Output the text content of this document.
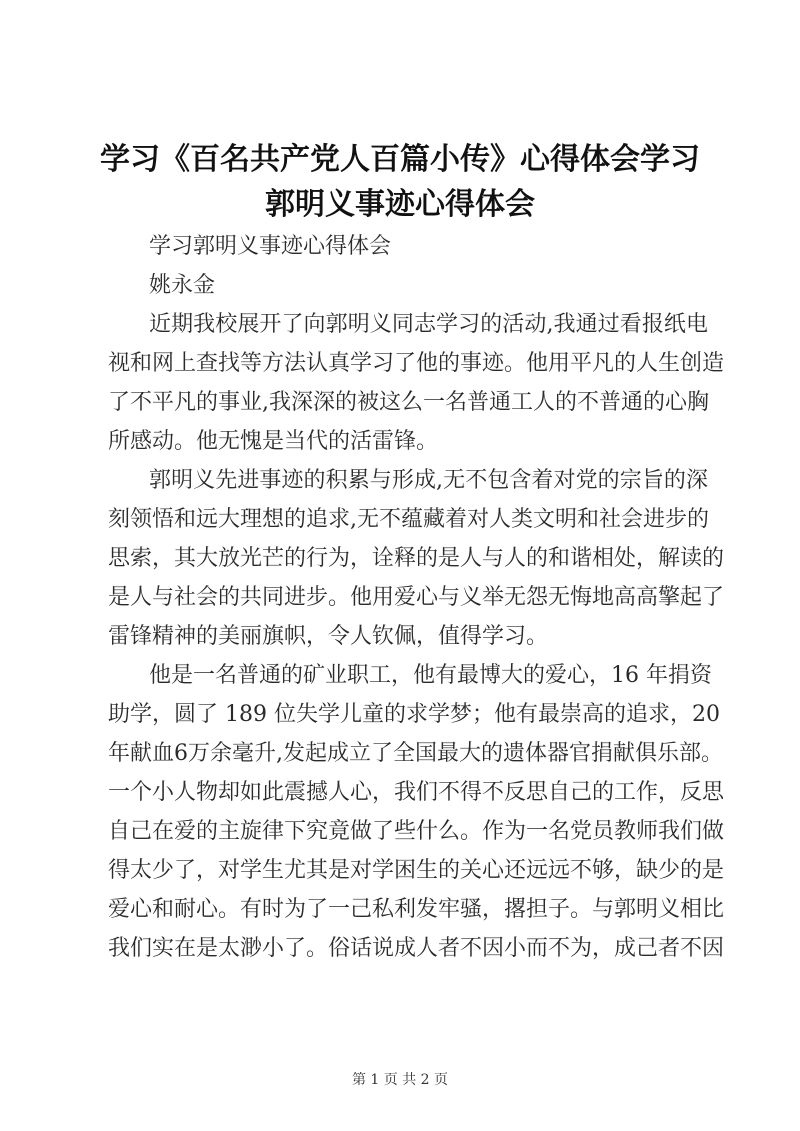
学习《百名共产党人百篇小传》心得体会学习
郭明义事迹心得体会
学习郭明义事迹心得体会
姚永金
近期我校展开了向郭明义同志学习的活动,我通过看报纸电
视和网上查找等方法认真学习了他的事迹。他用平凡的人生创造
了不平凡的事业,我深深的被这么一名普通工人的不普通的心胸
所感动。他无愧是当代的活雷锋。
郭明义先进事迹的积累与形成,无不包含着对党的宗旨的深
刻领悟和远大理想的追求,无不蕴藏着对人类文明和社会进步的
思索，其大放光芒的行为，诠释的是人与人的和谐相处，解读的
是人与社会的共同进步。他用爱心与义举无怨无悔地高高擎起了
雷锋精神的美丽旗帜，令人钦佩，值得学习。
他是一名普通的矿业职工，他有最博大的爱心，16 年捐资
助学，圆了 189 位失学儿童的求学梦；他有最崇高的追求，20
年献血6万余毫升,发起成立了全国最大的遗体器官捐献俱乐部。
一个小人物却如此震撼人心，我们不得不反思自己的工作，反思
自己在爱的主旋律下究竟做了些什么。作为一名党员教师我们做
得太少了，对学生尤其是对学困生的关心还远远不够，缺少的是
爱心和耐心。有时为了一己私利发牢骚，撂担子。与郭明义相比
我们实在是太渺小了。俗话说成人者不因小而不为，成己者不因
第 1 页 共 2 页
